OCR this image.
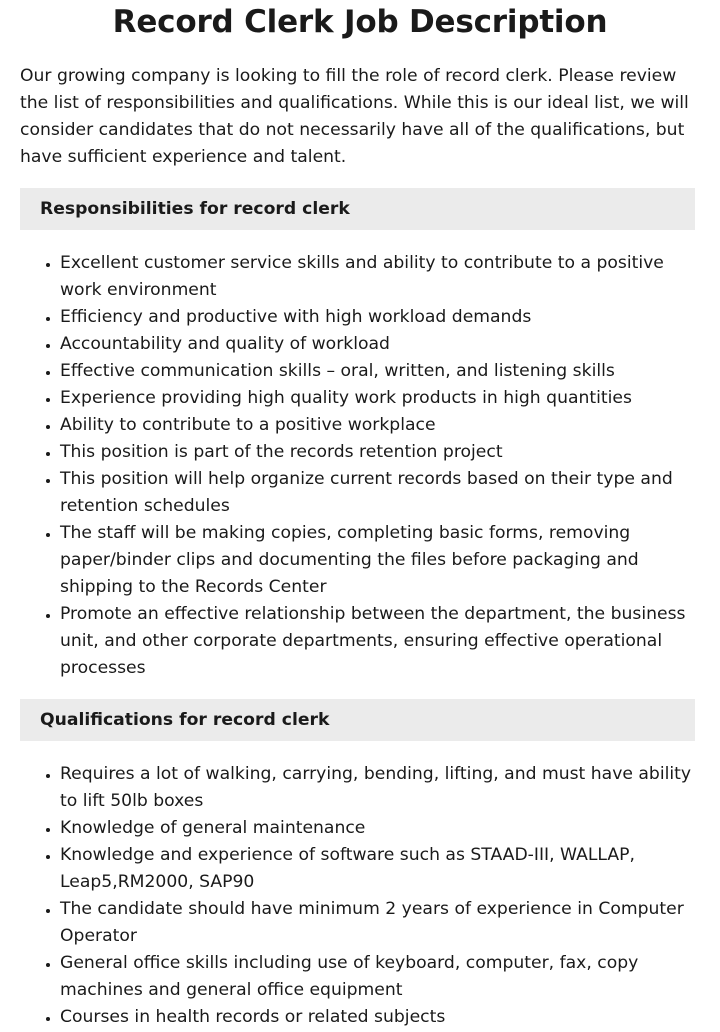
Record Clerk Job Description

Our growing company is looking to fill the role of record clerk. Please review the list of responsibilities and qualifications. While this is our ideal list, we will consider candidates that do not necessarily have all of the qualifications, but have sufficient experience and talent.

Responsibilities for record clerk
• Excellent customer service skills and ability to contribute to a positive work environment
• Efficiency and productive with high workload demands
• Accountability and quality of workload
• Effective communication skills – oral, written, and listening skills
• Experience providing high quality work products in high quantities
• Ability to contribute to a positive workplace
• This position is part of the records retention project
• This position will help organize current records based on their type and retention schedules
• The staff will be making copies, completing basic forms, removing paper/binder clips and documenting the files before packaging and shipping to the Records Center
• Promote an effective relationship between the department, the business unit, and other corporate departments, ensuring effective operational processes
Qualifications for record clerk
• Requires a lot of walking, carrying, bending, lifting, and must have ability to lift 50lb boxes
• Knowledge of general maintenance
• Knowledge and experience of software such as STAAD-III, WALLAP, Leap5,RM2000, SAP90
• The candidate should have minimum 2 years of experience in Computer Operator
• General office skills including use of keyboard, computer, fax, copy machines and general office equipment
• Courses in health records or related subjects
